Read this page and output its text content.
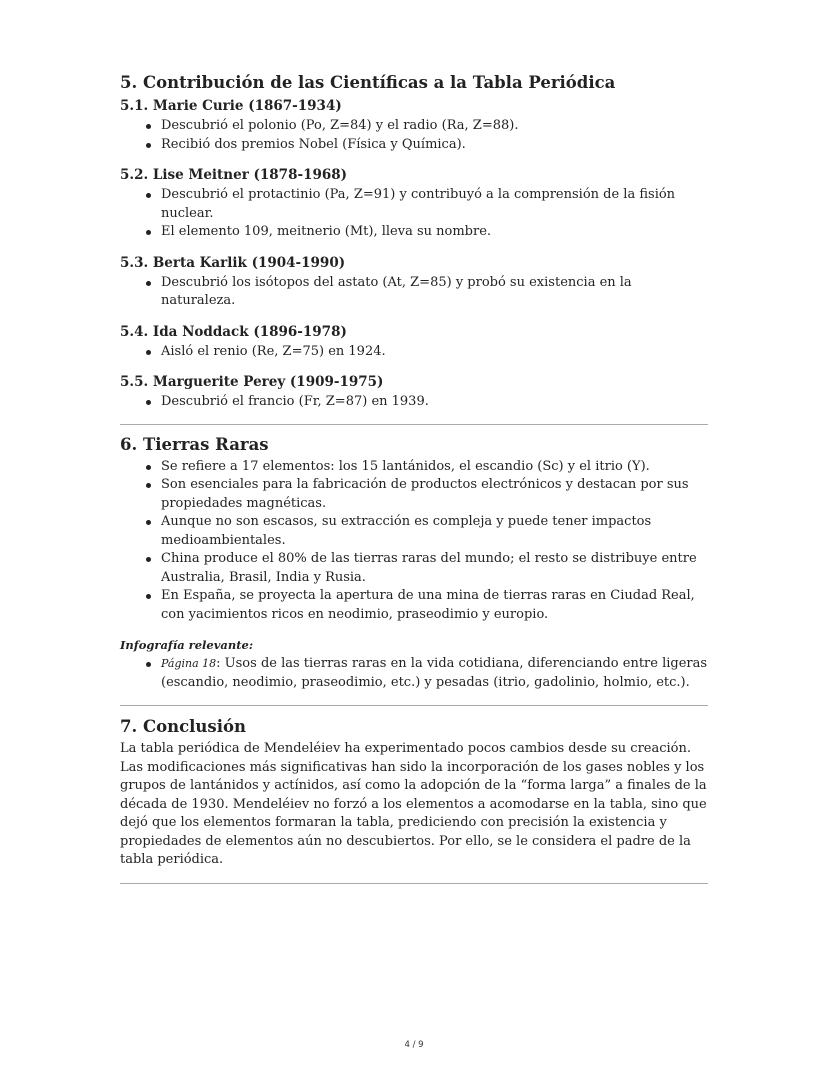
5. Contribución de las Científicas a la Tabla Periódica
5.1. Marie Curie (1867-1934)
Descubrió el polonio (Po, Z=84) y el radio (Ra, Z=88).
Recibió dos premios Nobel (Física y Química).
5.2. Lise Meitner (1878-1968)
Descubrió el protactinio (Pa, Z=91) y contribuyó a la comprensión de la fisión nuclear.
El elemento 109, meitnerio (Mt), lleva su nombre.
5.3. Berta Karlik (1904-1990)
Descubrió los isótopos del astato (At, Z=85) y probó su existencia en la naturaleza.
5.4. Ida Noddack (1896-1978)
Aisló el renio (Re, Z=75) en 1924.
5.5. Marguerite Perey (1909-1975)
Descubrió el francio (Fr, Z=87) en 1939.
6. Tierras Raras
Se refiere a 17 elementos: los 15 lantánidos, el escandio (Sc) y el itrio (Y).
Son esenciales para la fabricación de productos electrónicos y destacan por sus propiedades magnéticas.
Aunque no son escasos, su extracción es compleja y puede tener impactos medioambientales.
China produce el 80% de las tierras raras del mundo; el resto se distribuye entre Australia, Brasil, India y Rusia.
En España, se proyecta la apertura de una mina de tierras raras en Ciudad Real, con yacimientos ricos en neodimio, praseodimio y europio.
Infografía relevante:
Página 18: Usos de las tierras raras en la vida cotidiana, diferenciando entre ligeras (escandio, neodimio, praseodimio, etc.) y pesadas (itrio, gadolinio, holmio, etc.).
7. Conclusión

La tabla periódica de Mendeléiev ha experimentado pocos cambios desde su creación. Las modificaciones más significativas han sido la incorporación de los gases nobles y los grupos de lantánidos y actínidos, así como la adopción de la “forma larga” a finales de la década de 1930. Mendeléiev no forzó a los elementos a acomodarse en la tabla, sino que dejó que los elementos formaran la tabla, prediciendo con precisión la existencia y propiedades de elementos aún no descubiertos. Por ello, se le considera el padre de la tabla periódica.

4 / 9
